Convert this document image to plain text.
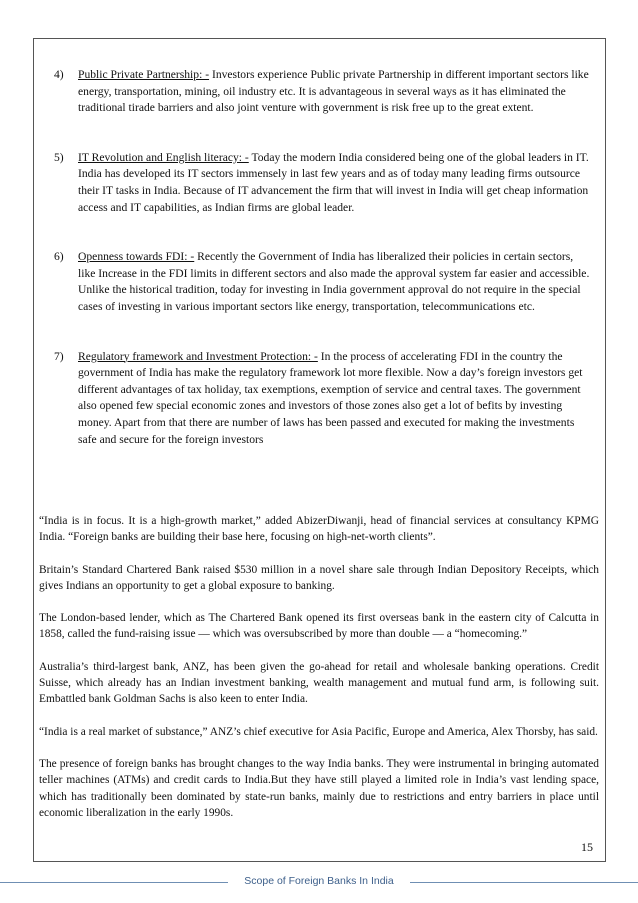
4) Public Private Partnership: - Investors experience Public private Partnership in different important sectors like energy, transportation, mining, oil industry etc. It is advantageous in several ways as it has eliminated the traditional tirade barriers and also joint venture with government is risk free up to the great extent.
5) IT Revolution and English literacy: - Today the modern India considered being one of the global leaders in IT. India has developed its IT sectors immensely in last few years and as of today many leading firms outsource their IT tasks in India. Because of IT advancement the firm that will invest in India will get cheap information access and IT capabilities, as Indian firms are global leader.
6) Openness towards FDI: - Recently the Government of India has liberalized their policies in certain sectors, like Increase in the FDI limits in different sectors and also made the approval system far easier and accessible. Unlike the historical tradition, today for investing in India government approval do not require in the special cases of investing in various important sectors like energy, transportation, telecommunications etc.
7) Regulatory framework and Investment Protection: - In the process of accelerating FDI in the country the government of India has make the regulatory framework lot more flexible. Now a day’s foreign investors get different advantages of tax holiday, tax exemptions, exemption of service and central taxes. The government also opened few special economic zones and investors of those zones also get a lot of befits by investing money. Apart from that there are number of laws has been passed and executed for making the investments safe and secure for the foreign investors

“India is in focus. It is a high-growth market,” added AbizerDiwanji, head of financial services at consultancy KPMG India. “Foreign banks are building their base here, focusing on high-net-worth clients”.

Britain’s Standard Chartered Bank raised $530 million in a novel share sale through Indian Depository Receipts, which gives Indians an opportunity to get a global exposure to banking.

The London-based lender, which as The Chartered Bank opened its first overseas bank in the eastern city of Calcutta in 1858, called the fund-raising issue — which was oversubscribed by more than double — a “homecoming.”

Australia’s third-largest bank, ANZ, has been given the go-ahead for retail and wholesale banking operations. Credit Suisse, which already has an Indian investment banking, wealth management and mutual fund arm, is following suit. Embattled bank Goldman Sachs is also keen to enter India.

“India is a real market of substance,” ANZ’s chief executive for Asia Pacific, Europe and America, Alex Thorsby, has said.

The presence of foreign banks has brought changes to the way India banks. They were instrumental in bringing automated teller machines (ATMs) and credit cards to India.But they have still played a limited role in India’s vast lending space, which has traditionally been dominated by state-run banks, mainly due to restrictions and entry barriers in place until economic liberalization in the early 1990s.

15
Scope of Foreign Banks In India
